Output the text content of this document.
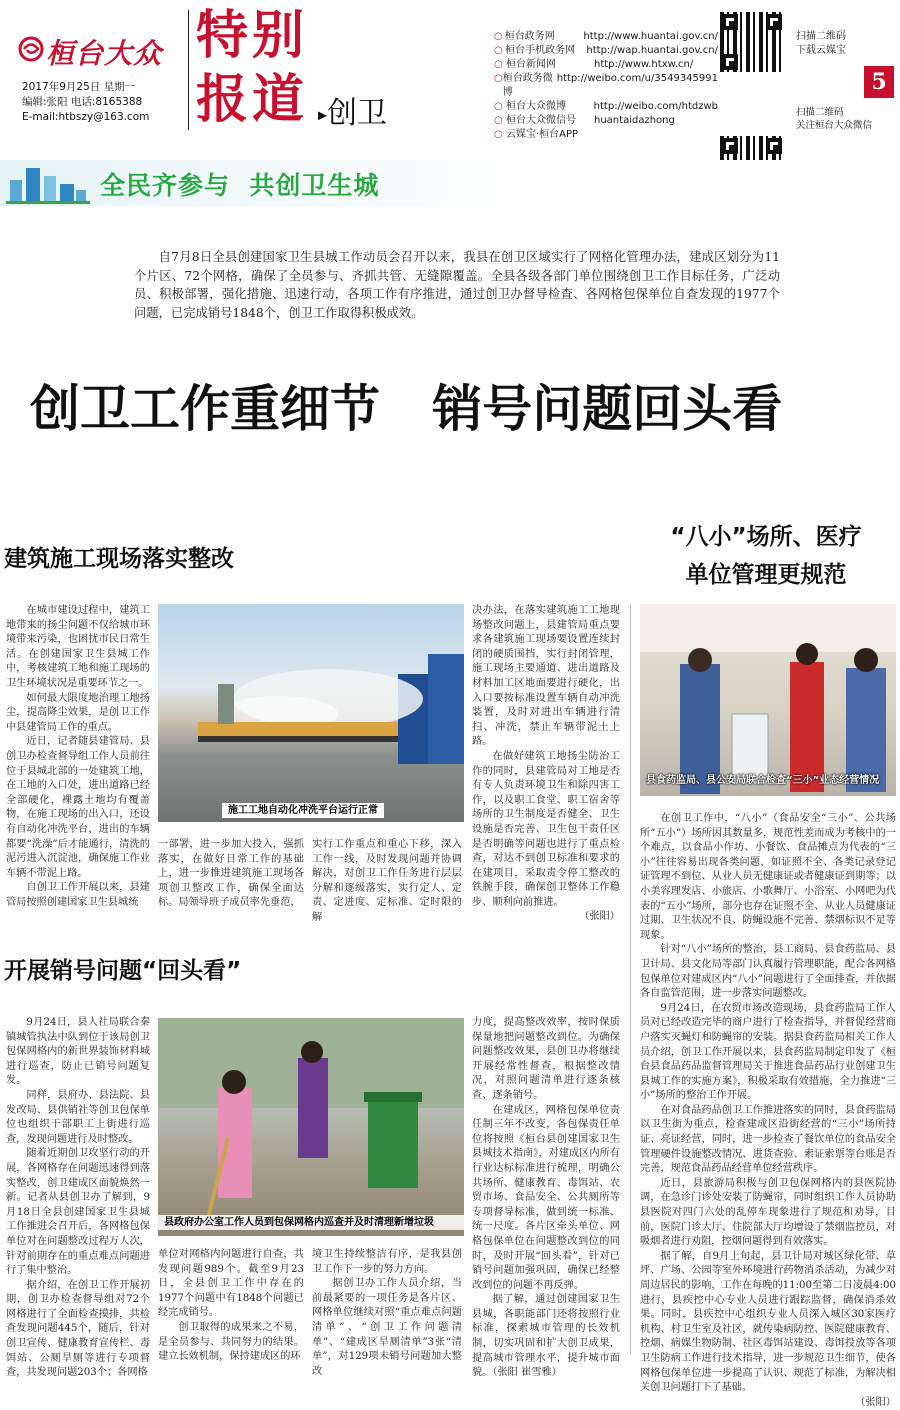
桓台大众
2017年9月25日 星期一
编辑:张阳 电话:8165388
E-mail:htbszy@163.com
特别
报道 ▸创卫
○ 桓台政务网	http://www.huantai.gov.cn/
○ 桓台手机政务网	http://wap.huantai.gov.cn/
○ 桓台新闻网	http://www.htxw.cn/
○ 桓台政务微博
http://weibo.com/u/3549345991
○ 桓台大众微博	http://weibo.com/htdzwb
○ 桓台大众微信号	huantaidazhong
○ 云媒宝·桓台APP
扫描二维码
下载云媒宝
扫描二维码
关注桓台大众微信
5
全民齐参与  共创卫生城
自7月8日全县创建国家卫生县城工作动员会召开以来，我县在创卫区域实行了网格化管理办法，建成区划分为11个片区、72个网格，确保了全员参与、齐抓共管、无缝隙覆盖。全县各级各部门单位围绕创卫工作目标任务，广泛动员、积极部署，强化措施、迅速行动，各项工作有序推进，通过创卫办督导检查、各网格包保单位自查发现的1977个问题，已完成销号1848个，创卫工作取得积极成效。
创卫工作重细节   销号问题回头看
建筑施工现场落实整改

在城市建设过程中，建筑工地带来的扬尘问题不仅给城市环境带来污染，也困扰市民日常生活。在创建国家卫生县城工作中，考核建筑工地和施工现场的卫生环境状况是重要环节之一。

如何最大限度地治理工地扬尘，提高降尘效果，是创卫工作中县建管局工作的重点。

近日，记者随县建管局、县创卫办检查督导组工作人员前往位于县城北部的一处建筑工地，在工地的入口处，进出道路已经全部硬化，裸露土地均有覆盖物，在施工现场的出入口，还设有自动化冲洗平台，进出的车辆都要“洗澡”后才能通行，清洗的泥污进入沉淀池，确保施工作业车辆不带泥上路。

自创卫工作开展以来，县建管局按照创建国家卫生县城统

施工工地自动化冲洗平台运行正常

一部署，进一步加大投入，强抓落实，在做好日常工作的基础上，进一步推进建筑施工现场各项创卫整改工作，确保全面达标。局领导班子成员率先垂范，

实行工作重点和重心下移，深入工作一线，及时发现问题并协调解决，对创卫工作任务进行层层分解和逐级落实，实行定人、定责、定进度、定标准、定时限的解

决办法，在落实建筑施工工地现场整改问题上，县建管局重点要求各建筑施工现场要设置连续封闭的硬质围挡，实行封闭管理，施工现场主要通道、进出道路及材料加工区地面要进行硬化，出入口要按标准设置车辆自动冲洗装置，及时对进出车辆进行清扫、冲洗，禁止车辆带泥土上路。

在做好建筑工地扬尘防治工作的同时，县建管局对工地是否有专人负责环境卫生和除四害工作，以及职工食堂、职工宿舍等场所的卫生制度是否健全、卫生设施是否完善、卫生包干责任区是否明确等问题也进行了重点检查，对达不到创卫标准和要求的在建项目，采取责令停工整改的铁腕手段，确保创卫整体工作稳步、顺利向前推进。

（张阳）

“八小”场所、医疗
单位管理更规范
县食药监局、县公安局联合检查“三小”业态经营情况

在创卫工作中，“八小”（食品安全“三小”、公共场所“五小”）场所因其数量多，规范性差而成为考核中的一个难点，以食品小作坊、小餐饮、食品摊点为代表的“三小”往往容易出现各类问题，如证照不全、各类记录登记证管理不到位、从业人员无健康证或者健康证到期等；以小美容理发店、小旅店、小歌舞厅、小浴室、小网吧为代表的“五小”场所，部分也存在证照不全、从业人员健康证过期、卫生状况不良、防蝇设施不完善、禁烟标识不足等现象。

针对“八小”场所的整治，县工商局、县食药监局、县卫计局、县文化局等部门认真履行管理职能，配合各网格包保单位对建成区内“八小”问题进行了全面排查，并依据各自监管范围，进一步落实问题整改。

9月24日，在农贸市场改造现场，县食药监局工作人员对已经改造完毕的商户进行了检查指导，并督促经营商户落实灭蝇灯和防蝇帘的安装。据县食药监局相关工作人员介绍，创卫工作开展以来，县食药监局制定印发了《桓台县食品药品监督管理局关于推进食品药品行业创建卫生县城工作的实施方案》，积极采取有效措施，全力推进“三小”场所的整治工作开展。

在对食品药品创卫工作推进落实的同时，县食药监局以卫生街为重点，检查建成区沿街经营的“三小”场所持证、亮证经营，同时，进一步检查了餐饮单位的食品安全管理硬件设施整改情况、进货查验、索证索票等台账是否完善，规范食品药品经营单位经营秩序。

近日，县旅游局积极与创卫包保网格内的县医院协调，在急诊门诊处安装了防蝇帘，同时组织工作人员协助县医院对四门六处的乱停车现象进行了规范和劝导，目前，医院门诊大厅、住院部大厅均增设了禁烟监控员，对吸烟者进行劝阻，控烟问题得到有效落实。

据了解，自9月上旬起，县卫计局对城区绿化带、草坪、广场、公园等室外环境进行药物消杀活动，为减少对周边居民的影响，工作在每晚的11:00至第二日凌晨4:00进行，县疾控中心专业人员进行跟踪监督，确保消杀效果。同时，县疾控中心组织专业人员深入城区30家医疗机构、村卫生室及社区，就传染病防控、医院健康教育、控烟、病媒生物防制、社区毒饵站建设、毒饵投放等各项卫生防病工作进行技术指导，进一步规范卫生细节，使各网格包保单位进一步提高了认识、规范了标准，为解决相关创卫问题打下了基础。

（张阳）

开展销号问题“回头看”

9月24日，县人社局联合秦镇城管执法中队到位于该局创卫包保网格内的新世界装饰材料城进行巡查，防止已销号问题复发。

同样，县府办、县法院、县发改局、县供销社等创卫包保单位也组织干部职工上街进行巡查，发现问题进行及时整改。

随着近期创卫攻坚行动的开展，各网格存在问题迅速得到落实整改，创卫建成区面貌焕然一新。记者从县创卫办了解到，9月18日全县创建国家卫生县城工作推进会召开后，各网格包保单位对在问题整改过程万人次，针对前期存在的重点难点问题进行了集中整治。

据介绍，在创卫工作开展初期，创卫办检查督导组对72个网格进行了全面检查摸排，共检查发现问题445个，随后，针对创卫宣传、健康教育宣传栏、毒饵站、公厕旱厕等进行专项督查，共发现问题203个；各网格

县政府办公室工作人员到包保网格内巡查并及时清理新增垃圾

单位对网格内问题进行自查，共发现问题989个。截至9月23日，全县创卫工作中存在的1977个问题中有1848个问题已经完成销号。

创卫取得的成果来之不易，是全员参与、共同努力的结果。建立长效机制，保持建成区的环

境卫生持续整洁有序，是我县创卫工作下一步的努力方向。

据创卫办工作人员介绍，当前最紧要的一项任务是各片区、网格单位继续对照“重点难点问题清单”、“创卫工作问题清单”、“建成区旱厕清单”3张“清单”，对129项未销号问题加大整改

力度，提高整改效率，按时保质保量地把问题整改到位。为确保问题整改效果，县创卫办将继续开展经常性督查，根据整改情况，对照问题清单进行逐条核查、逐条销号。

在建成区，网格包保单位责任制三年不改变，各包保责任单位将按照《桓台县创建国家卫生县城技术指南》，对建成区内所有行业达标标准进行梳理，明确公共场所、健康教育、毒饵站、农贸市场、食品安全、公共厕所等专项督导标准，做到统一标准、统一尺度。各片区牵头单位、网格包保单位在问题整改到位的同时，及时开展“回头看”，针对已销号问题加强巩固，确保已经整改到位的问题不再反弹。

据了解，通过创建国家卫生县城，各职能部门还将按照行业标准，探索城市管理的长效机制，切实巩固和扩大创卫成果，提高城市管理水平，提升城市面貌。（张阳 崔雪雅）
